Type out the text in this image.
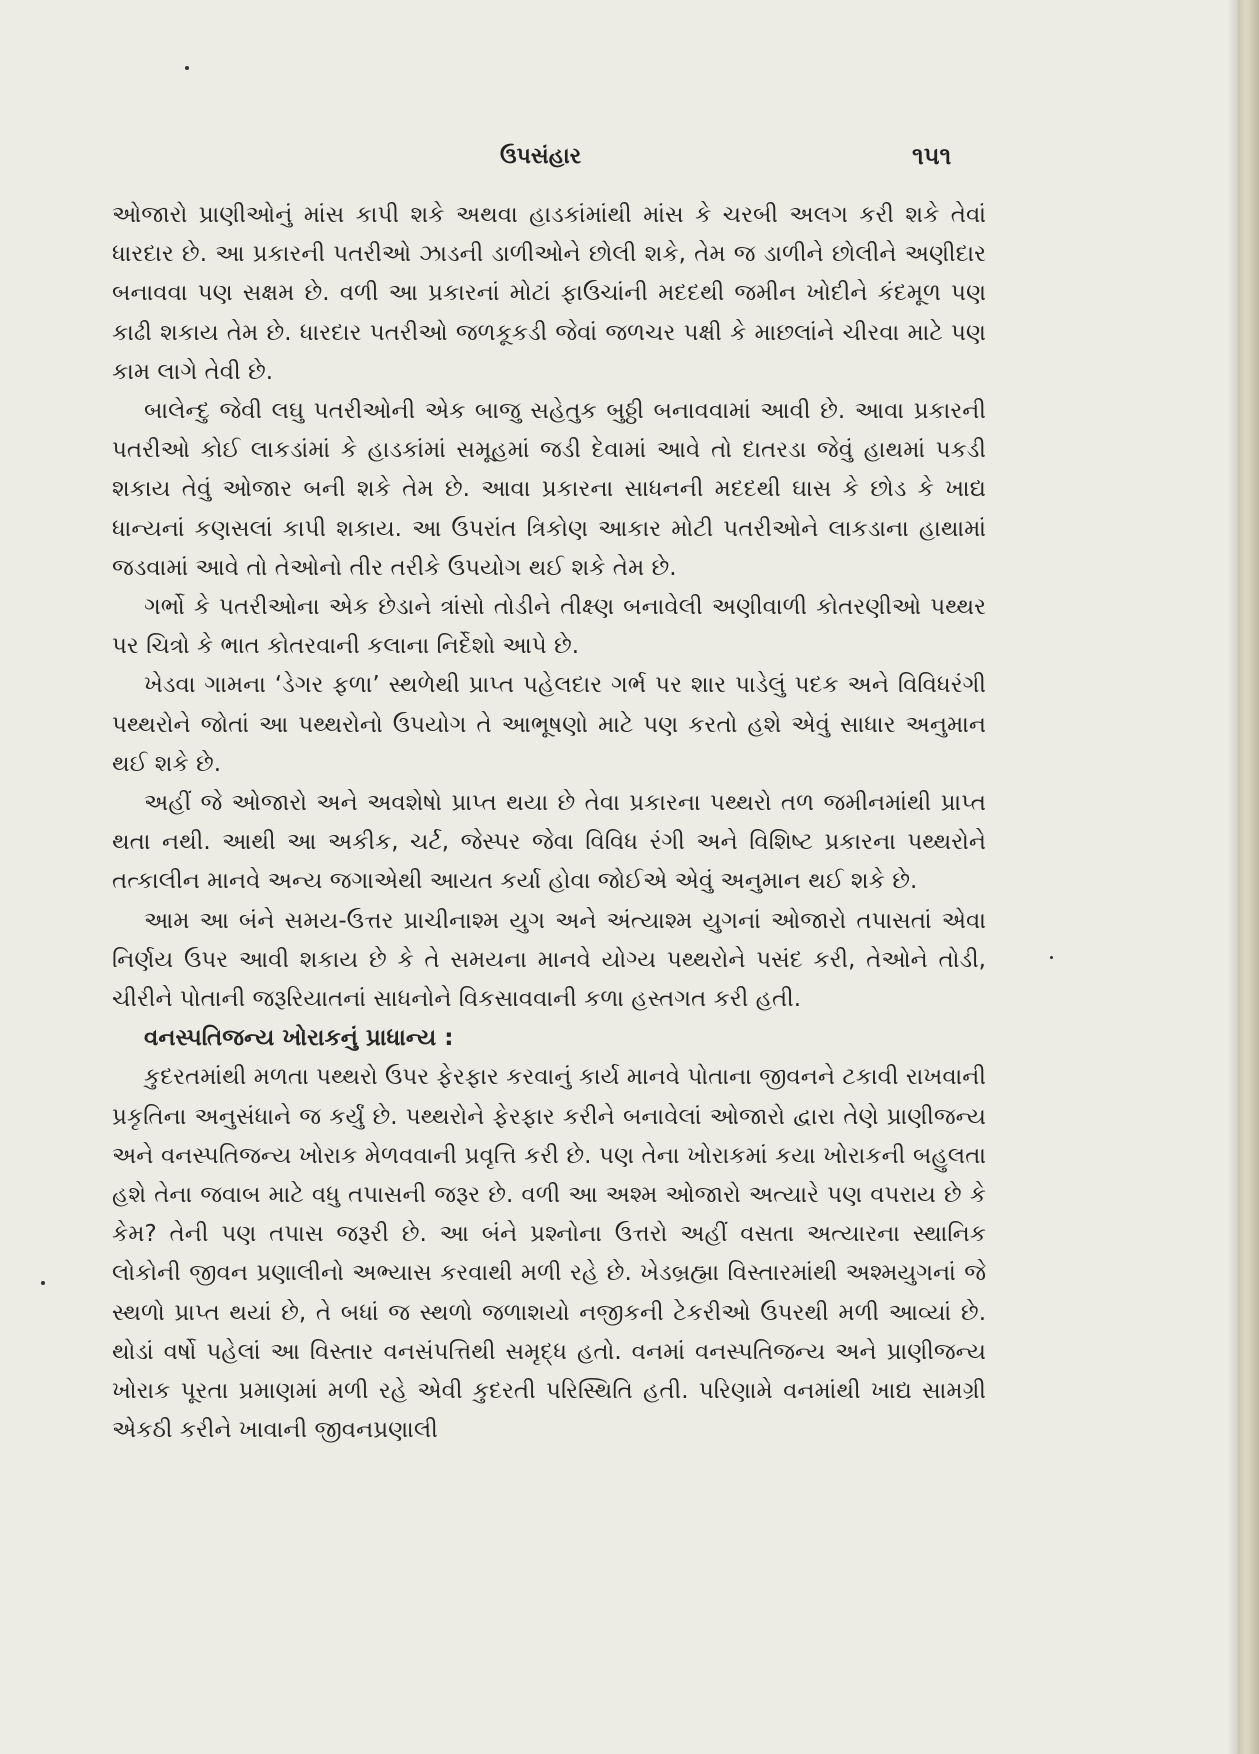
ઉપસંહાર	૧૫૧

ઓજારો પ્રાણીઓનું માંસ કાપી શકે અથવા હાડકાંમાંથી માંસ કે ચરબી અલગ કરી શકે તેવાં ધારદાર છે. આ પ્રકારની પતરીઓ ઝાડની ડાળીઓને છોલી શકે, તેમ જ ડાળીને છોલીને અણીદાર બનાવવા પણ સક્ષમ છે. વળી આ પ્રકારનાં મોટાં ફાઉચાંની મદદથી જમીન ખોદીને કંદમૂળ પણ કાઢી શકાય તેમ છે. ધારદાર પતરીઓ જળકૂકડી જેવાં જળચર પક્ષી કે માછલાંને ચીરવા માટે પણ કામ લાગે તેવી છે.

બાલેન્દુ જેવી લઘુ પતરીઓની એક બાજુ સહેતુક બુઠ્ઠી બનાવવામાં આવી છે. આવા પ્રકારની પતરીઓ કોઈ લાકડાંમાં કે હાડકાંમાં સમૂહમાં જડી દેવામાં આવે તો દાતરડા જેવું હાથમાં પકડી શકાય તેવું ઓજાર બની શકે તેમ છે. આવા પ્રકારના સાધનની મદદથી ઘાસ કે છોડ કે ખાદ્ય ધાન્યનાં કણસલાં કાપી શકાય. આ ઉપરાંત ત્રિકોણ આકાર મોટી પતરીઓને લાકડાના હાથામાં જડવામાં આવે તો તેઓનો તીર તરીકે ઉપયોગ થઈ શકે તેમ છે.

ગર્ભો કે પતરીઓના એક છેડાને ત્રાંસો તોડીને તીક્ષ્ણ બનાવેલી અણીવાળી કોતરણીઓ પથ્થર પર ચિત્રો કે ભાત કોતરવાની કલાના નિર્દેશો આપે છે.

ખેડવા ગામના ‘ડેગર ફળા’ સ્થળેથી પ્રાપ્ત પહેલદાર ગર્ભ પર શાર પાડેલું પદક અને વિવિધરંગી પથ્થરોને જોતાં આ પથ્થરોનો ઉપયોગ તે આભૂષણો માટે પણ કરતો હશે એવું સાધાર અનુમાન થઈ શકે છે.

અહીં જે ઓજારો અને અવશેષો પ્રાપ્ત થયા છે તેવા પ્રકારના પથ્થરો તળ જમીનમાંથી પ્રાપ્ત થતા નથી. આથી આ અકીક, ચર્ટ, જેસ્પર જેવા વિવિધ રંગી અને વિશિષ્ટ પ્રકારના પથ્થરોને તત્કાલીન માનવે અન્ય જગાએથી આયત કર્યા હોવા જોઈએ એવું અનુમાન થઈ શકે છે.

આમ આ બંને સમય-ઉત્તર પ્રાચીનાશ્મ યુગ અને અંત્યાશ્મ યુગનાં ઓજારો તપાસતાં એવા નિર્ણય ઉપર આવી શકાય છે કે તે સમયના માનવે યોગ્ય પથ્થરોને પસંદ કરી, તેઓને તોડી, ચીરીને પોતાની જરૂરિયાતનાં સાધનોને વિકસાવવાની કળા હસ્તગત કરી હતી.

વનસ્પતિજન્ય ખોરાકનું પ્રાધાન્ય :

કુદરતમાંથી મળતા પથ્થરો ઉપર ફેરફાર કરવાનું કાર્ય માનવે પોતાના જીવનને ટકાવી રાખવાની પ્રકૃતિના અનુસંધાને જ કર્યું છે. પથ્થરોને ફેરફાર કરીને બનાવેલાં ઓજારો દ્વારા તેણે પ્રાણીજન્ય અને વનસ્પતિજન્ય ખોરાક મેળવવાની પ્રવૃત્તિ કરી છે. પણ તેના ખોરાકમાં કયા ખોરાકની બહુલતા હશે તેના જવાબ માટે વધુ તપાસની જરૂર છે. વળી આ અશ્મ ઓજારો અત્યારે પણ વપરાય છે કે કેમ? તેની પણ તપાસ જરૂરી છે. આ બંને પ્રશ્નોના ઉત્તરો અહીં વસતા અત્યારના સ્થાનિક લોકોની જીવન પ્રણાલીનો અભ્યાસ કરવાથી મળી રહે છે. ખેડબ્રહ્મા વિસ્તારમાંથી અશ્મયુગનાં જે સ્થળો પ્રાપ્ત થયાં છે, તે બધાં જ સ્થળો જળાશયો નજીકની ટેકરીઓ ઉપરથી મળી આવ્યાં છે. થોડાં વર્ષો પહેલાં આ વિસ્તાર વનસંપત્તિથી સમૃદ્ધ હતો. વનમાં વનસ્પતિજન્ય અને પ્રાણીજન્ય ખોરાક પૂરતા પ્રમાણમાં મળી રહે એવી કુદરતી પરિસ્થિતિ હતી. પરિણામે વનમાંથી ખાદ્ય સામગ્રી એકઠી કરીને ખાવાની જીવનપ્રણાલી
